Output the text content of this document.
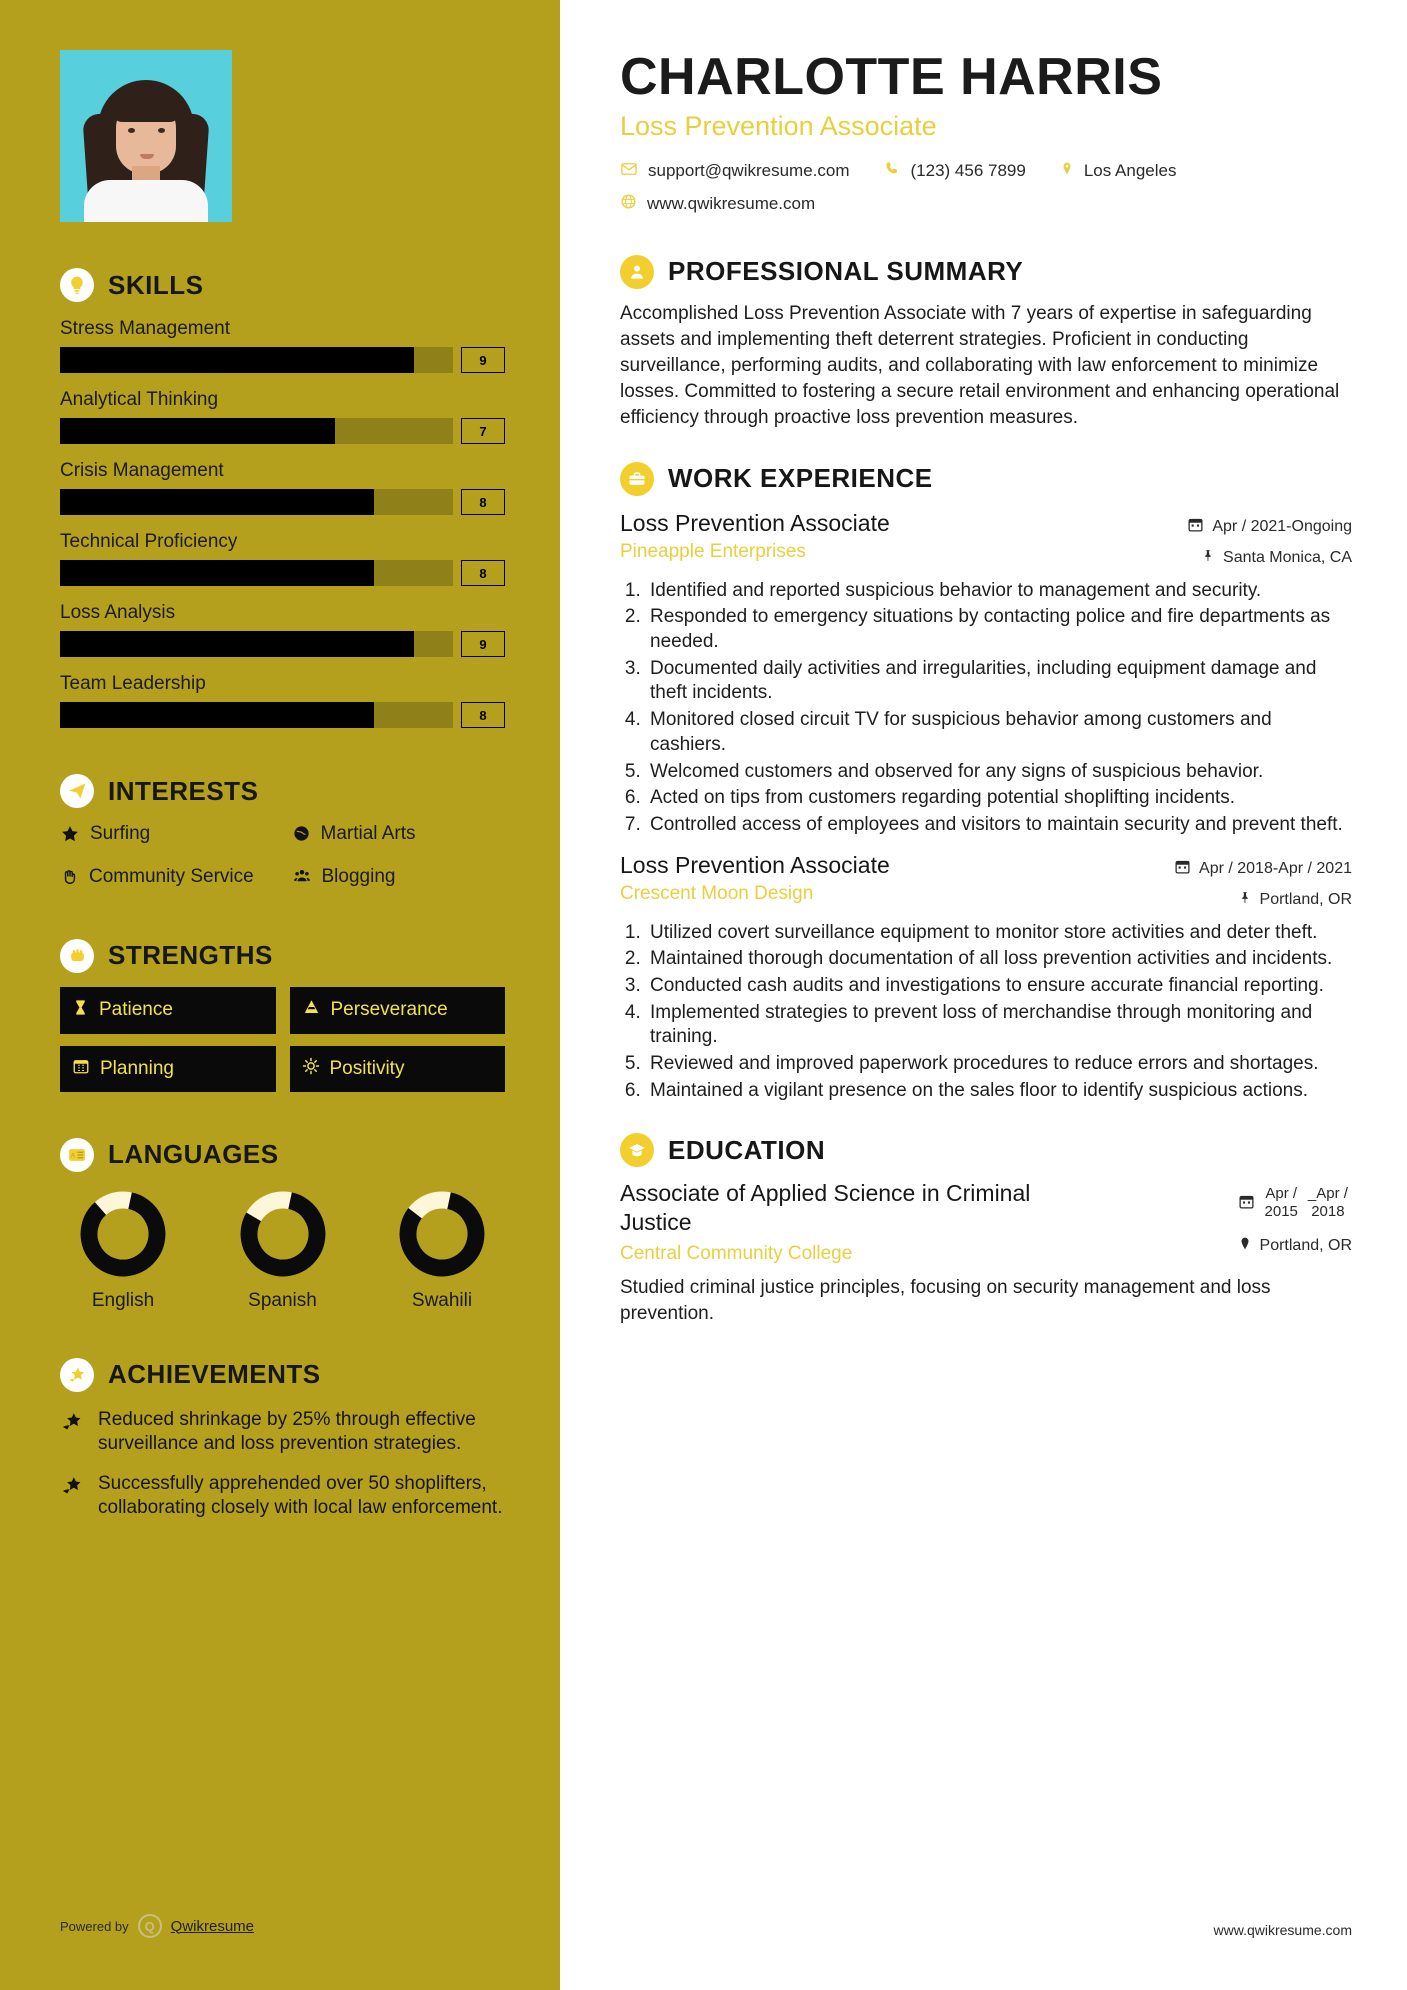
SKILLS
Stress Management
9
Analytical Thinking
7
Crisis Management
8
Technical Proficiency
8
Loss Analysis
9
Team Leadership
8
INTERESTS
Surfing	Martial Arts
Community Service	Blogging
STRENGTHS
Patience	Perseverance
Planning	Positivity
A LANGUAGES
English	Spanish	Swahili
ACHIEVEMENTS
Reduced shrinkage by 25% through effective surveillance and loss prevention strategies.
Successfully apprehended over 50 shoplifters, collaborating closely with local law enforcement.
Powered by	Q	Qwikresume
CHARLOTTE HARRIS
Loss Prevention Associate
support@qwikresume.com	(123) 456 7899	Los Angeles
www.qwikresume.com
PROFESSIONAL SUMMARY

Accomplished Loss Prevention Associate with 7 years of expertise in safeguarding assets and implementing theft deterrent strategies. Proficient in conducting surveillance, performing audits, and collaborating with law enforcement to minimize losses. Committed to fostering a secure retail environment and enhancing operational efficiency through proactive loss prevention measures.

WORK EXPERIENCE
Loss Prevention Associate
Pineapple Enterprises
Apr / 2021-Ongoing
Santa Monica, CA
1. Identified and reported suspicious behavior to management and security.
2. Responded to emergency situations by contacting police and fire departments as needed.
3. Documented daily activities and irregularities, including equipment damage and theft incidents.
4. Monitored closed circuit TV for suspicious behavior among customers and cashiers.
5. Welcomed customers and observed for any signs of suspicious behavior.
6. Acted on tips from customers regarding potential shoplifting incidents.
7. Controlled access of employees and visitors to maintain security and prevent theft.
Loss Prevention Associate
Crescent Moon Design
Apr / 2018-Apr / 2021
Portland, OR
1. Utilized covert surveillance equipment to monitor store activities and deter theft.
2. Maintained thorough documentation of all loss prevention activities and incidents.
3. Conducted cash audits and investigations to ensure accurate financial reporting.
4. Implemented strategies to prevent loss of merchandise through monitoring and training.
5. Reviewed and improved paperwork procedures to reduce errors and shortages.
6. Maintained a vigilant presence on the sales floor to identify suspicious actions.
EDUCATION
Associate of Applied Science in Criminal Justice
Central Community College
Apr /
2015
_Apr /
2018
Portland, OR

Studied criminal justice principles, focusing on security management and loss prevention.

www.qwikresume.com
